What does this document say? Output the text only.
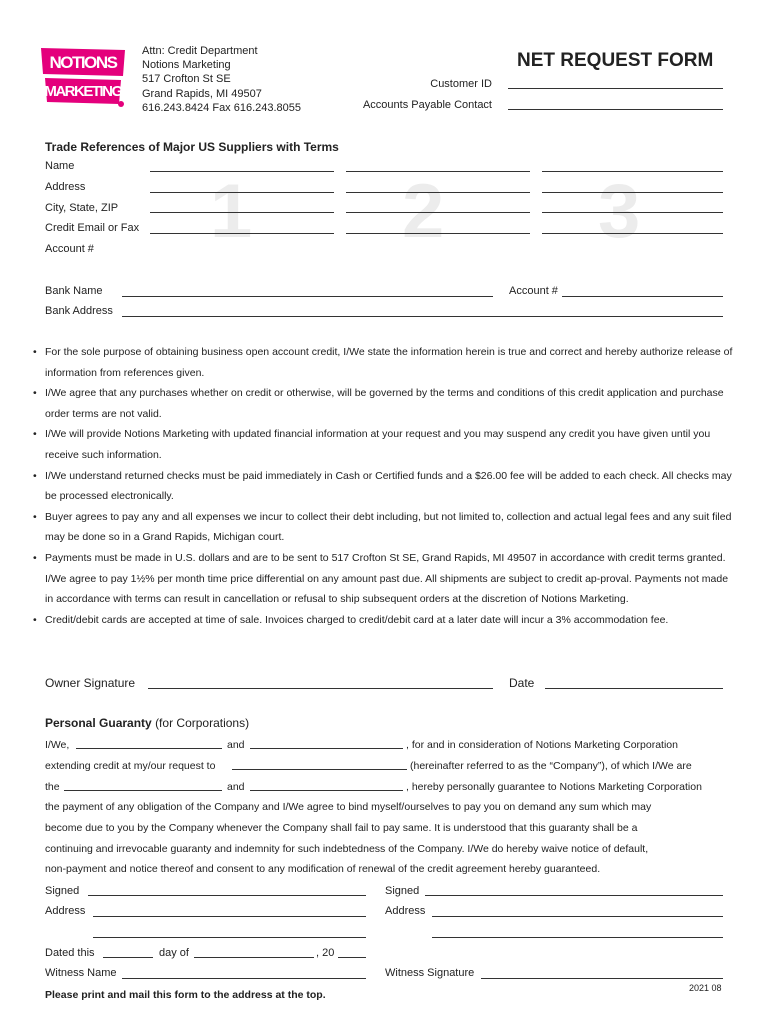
NOTIONS
MARKETING
Attn: Credit Department
Notions Marketing
517 Crofton St SE
Grand Rapids, MI 49507
616.243.8424 Fax 616.243.8055
NET REQUEST FORM
Customer ID
Accounts Payable Contact
Trade References of Major US Suppliers with Terms
1 2 3
Name
Address
City, State, ZIP
Credit Email or Fax
Account #
Bank Name	Account #
Bank Address
• For the sole purpose of obtaining business open account credit, I/We state the information herein is true and correct and hereby authorize release of information from references given.
• I/We agree that any purchases whether on credit or otherwise, will be governed by the terms and conditions of this credit application and purchase order terms are not valid.
• I/We will provide Notions Marketing with updated financial information at your request and you may suspend any credit you have given until you receive such information.
• I/We understand returned checks must be paid immediately in Cash or Certified funds and a $26.00 fee will be added to each check. All checks may be processed electronically.
• Buyer agrees to pay any and all expenses we incur to collect their debt including, but not limited to, collection and actual legal fees and any suit filed may be done so in a Grand Rapids, Michigan court.
• Payments must be made in U.S. dollars and are to be sent to 517 Crofton St SE, Grand Rapids, MI 49507 in accordance with credit terms granted. I/We agree to pay 1½% per month time price differential on any amount past due. All shipments are subject to credit ap-proval. Payments not made in accordance with terms can result in cancellation or refusal to ship subsequent orders at the discretion of Notions Marketing.
• Credit/debit cards are accepted at time of sale. Invoices charged to credit/debit card at a later date will incur a 3% accommodation fee.
Owner Signature	Date
Personal Guaranty (for Corporations)
I/We,	and	, for and in consideration of Notions Marketing Corporation
extending credit at my/our request to	(hereinafter referred to as the “Company”), of which I/We are
the	and	, hereby personally guarantee to Notions Marketing Corporation
the payment of any obligation of the Company and I/We agree to bind myself/ourselves to pay you on demand any sum which may
become due to you by the Company whenever the Company shall fail to pay same. It is understood that this guaranty shall be a
continuing and irrevocable guaranty and indemnity for such indebtedness of the Company. I/We do hereby waive notice of default,
non-payment and notice thereof and consent to any modification of renewal of the credit agreement hereby guaranteed.
Signed	Signed
Address	Address
Dated this	day of	, 20
Witness Name	Witness Signature
Please print and mail this form to the address at the top.
2021 08
